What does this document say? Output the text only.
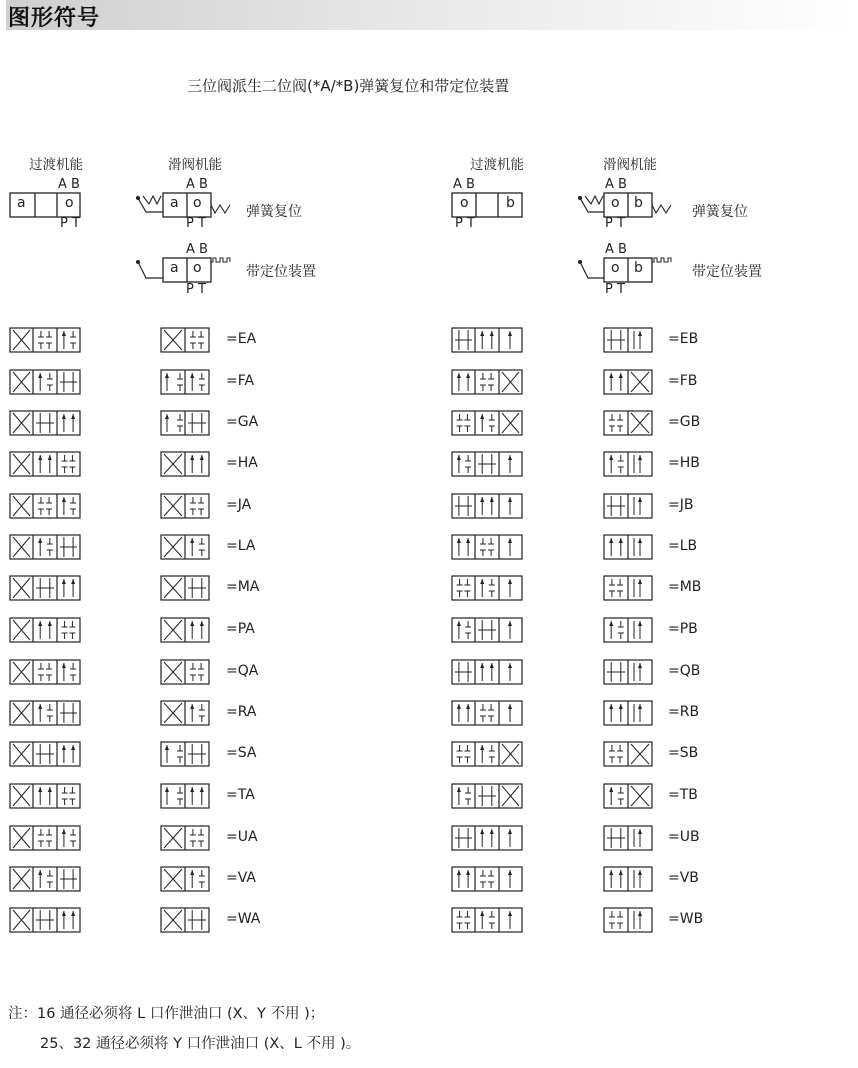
图形符号
三位阀派生二位阀(*A/*B)弹簧复位和带定位装置
过渡机能	滑阀机能	过渡机能	滑阀机能
a	o
A B
P T
a o
A B
P T
弹簧复位
a o
A B
P T
带定位装置
o	b
A B
P T
o b
A B
P T
弹簧复位
o b
A B
P T
带定位装置
=EA
=FA
=GA
=HA
=JA
=LA
=MA
=PA
=QA
=RA
=SA
=TA
=UA
=VA
=WA
=EB
=FB
=GB
=HB
=JB
=LB
=MB
=PB
=QB
=RB
=SB
=TB
=UB
=VB
=WB
注：16 通径必须将 L 口作泄油口 (X、Y 不用 )；
25、32 通径必须将 Y 口作泄油口 (X、L 不用 )。
